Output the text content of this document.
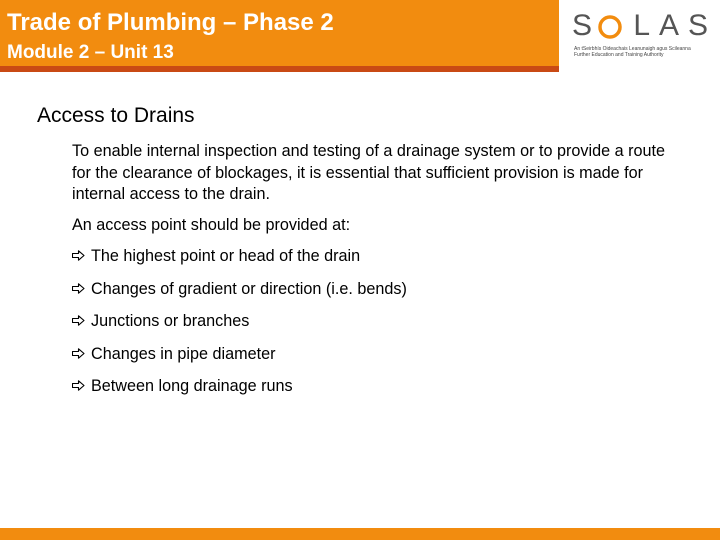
Trade of Plumbing – Phase 2
Module 2 – Unit 13
S LAS
An tSeirbhís Oideachais Leanunaigh agus Scileanna
Further Education and Training Authority
Access to Drains

To enable internal inspection and testing of a drainage system or to provide a route for the clearance of blockages, it is essential that sufficient provision is made for internal access to the drain.

An access point should be provided at:

The highest point or head of the drain
Changes of gradient or direction (i.e. bends)
Junctions or branches
Changes in pipe diameter
Between long drainage runs
